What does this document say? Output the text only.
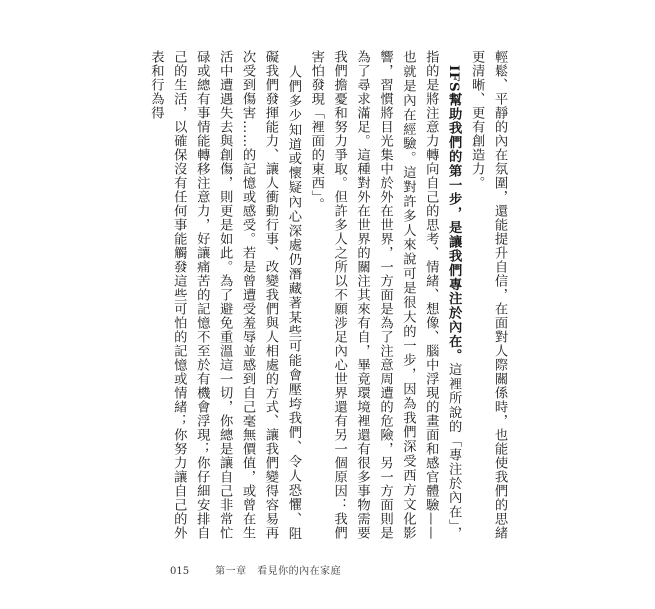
輕鬆、平靜的內在氛圍，還能提升自信，在面對人際關係時，也能使我們的思緒更清晰、更有創造力。

IFS幫助我們的第一步，是讓我們專注於內在。這裡所說的「專注於內在」，指的是將注意力轉向自己的思考、情緒、想像、腦中浮現的畫面和感官體驗——也就是內在經驗。這對許多人來說可是很大的一步，因為我們深受西方文化影響，習慣將目光集中於外在世界，一方面是為了注意周遭的危險，另一方面則是為了尋求滿足。這種對外在世界的關注其來有自，畢竟環境裡還有很多事物需要我們擔憂和努力爭取。但許多人之所以不願涉足內心世界還有另一個原因：我們害怕發現「裡面的東西」。

人們多少知道或懷疑內心深處仍潛藏著某些可能會壓垮我們、令人恐懼、阻礙我們發揮能力、讓人衝動行事、改變我們與人相處的方式、讓我們變得容易再次受到傷害……的記憶或感受。若是曾遭受羞辱並感到自己毫無價值，或曾在生活中遭遇失去與創傷，則更是如此。為了避免重溫這一切，你總是讓自己非常忙碌或總有事情能轉移注意力，好讓痛苦的記憶不至於有機會浮現；你仔細安排自己的生活，以確保沒有任何事能觸發這些可怕的記憶或情緒；你努力讓自己的外表和行為得

015	第一章　看見你的內在家庭
